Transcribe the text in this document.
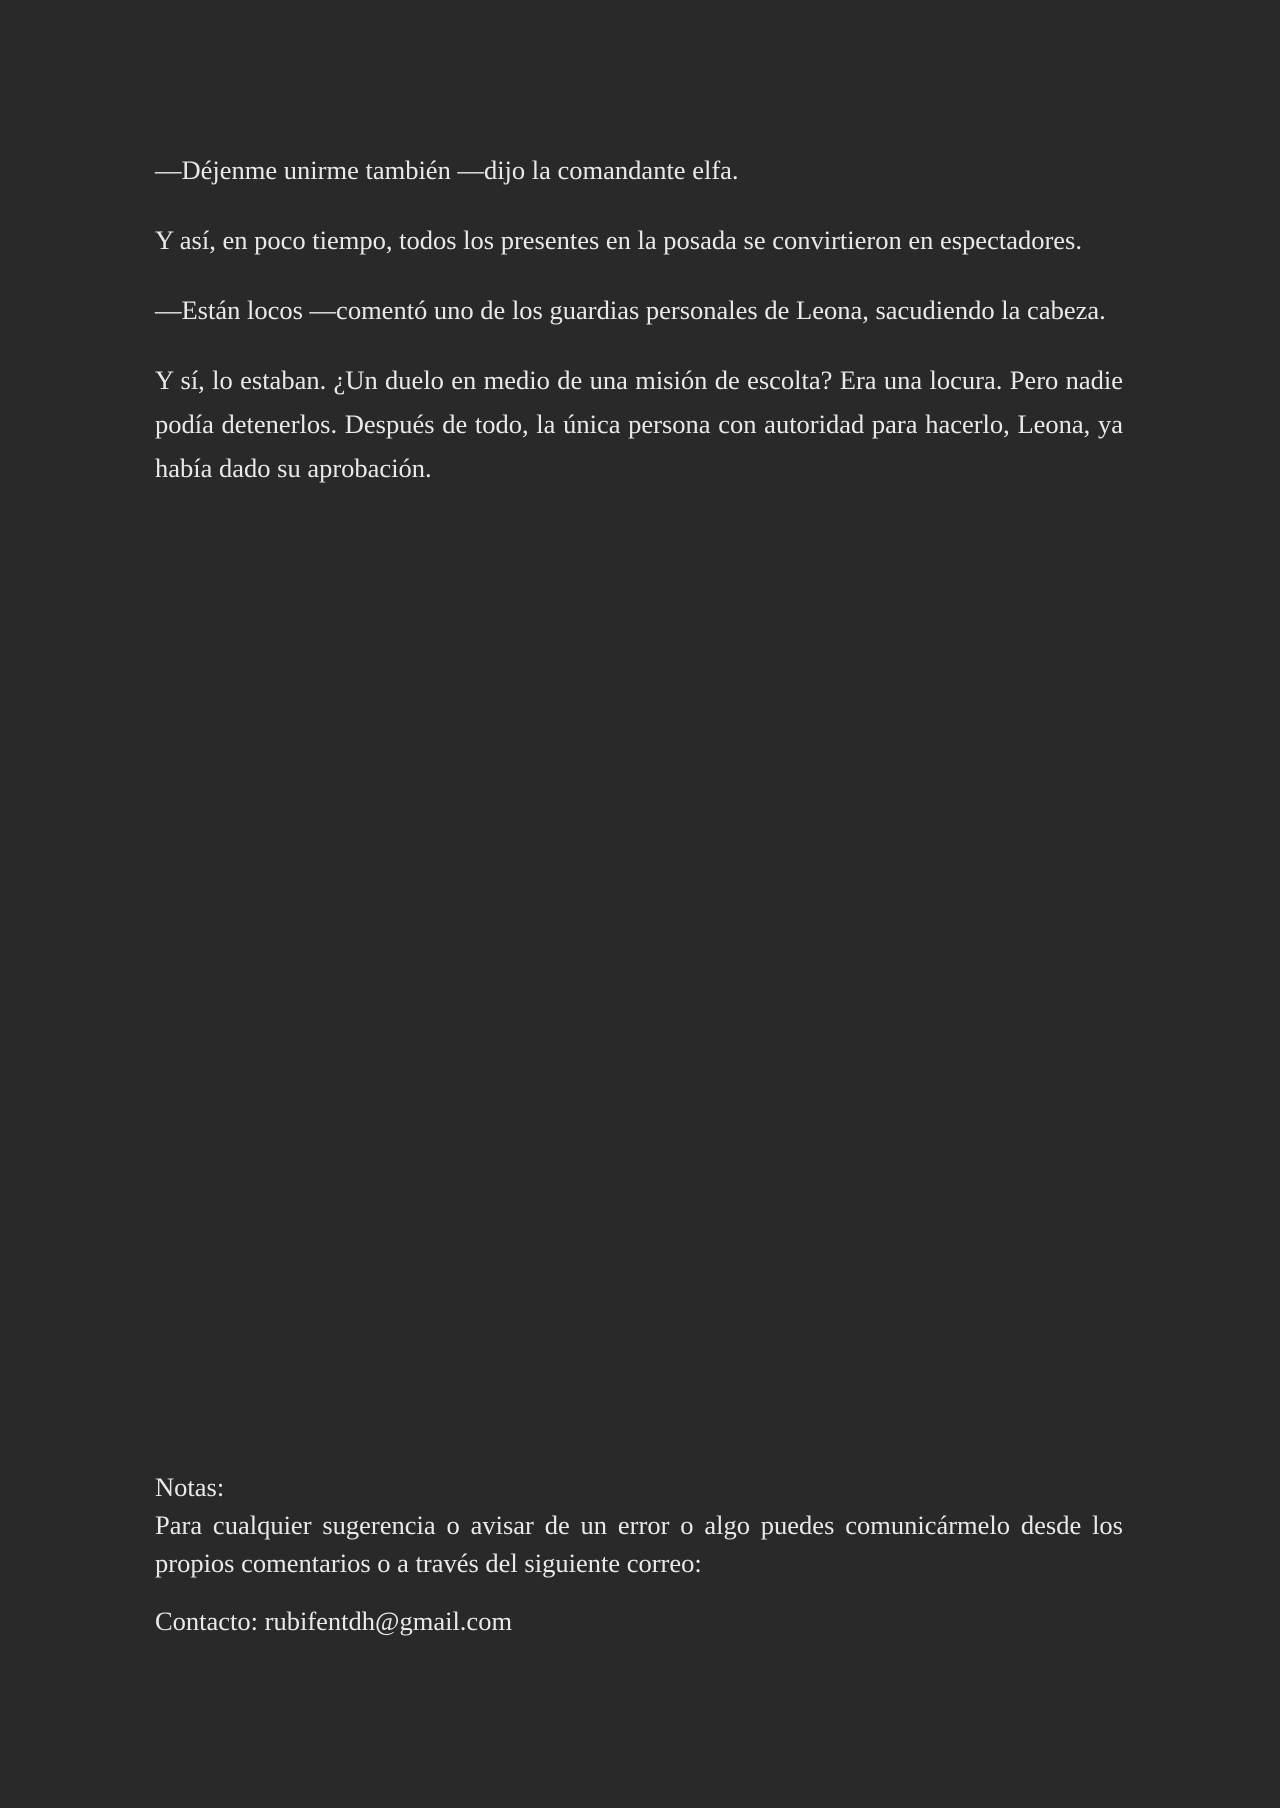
—Déjenme unirme también —dijo la comandante elfa.

Y así, en poco tiempo, todos los presentes en la posada se convirtieron en espectadores.

—Están locos —comentó uno de los guardias personales de Leona, sacudiendo la cabeza.

Y sí, lo estaban. ¿Un duelo en medio de una misión de escolta? Era una locura. Pero nadie podía detenerlos. Después de todo, la única persona con autoridad para hacerlo, Leona, ya había dado su aprobación.

Notas:
Para cualquier sugerencia o avisar de un error o algo puedes comunicármelo desde los propios comentarios o a través del siguiente correo:
Contacto: rubifentdh@gmail.com
